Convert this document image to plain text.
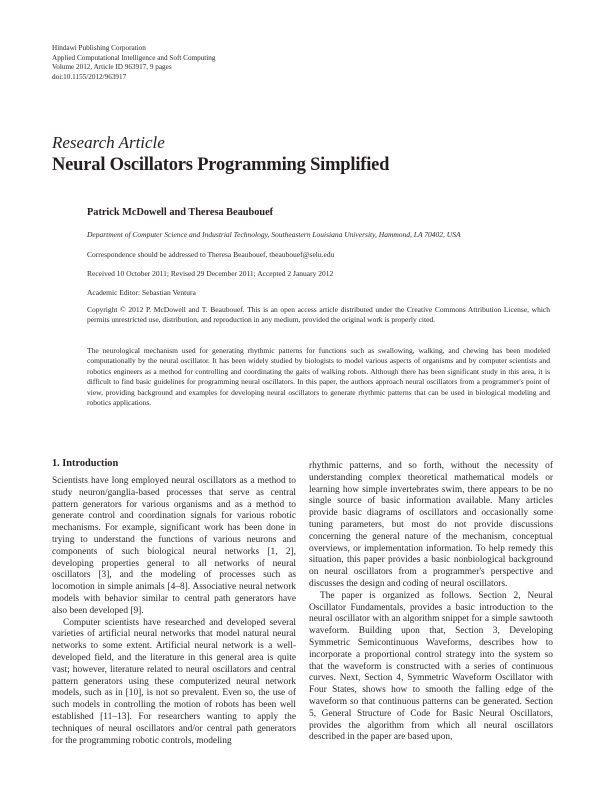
Hindawi Publishing Corporation
Applied Computational Intelligence and Soft Computing
Volume 2012, Article ID 963917, 9 pages
doi:10.1155/2012/963917
Research Article
Neural Oscillators Programming Simplified
Patrick McDowell and Theresa Beaubouef
Department of Computer Science and Industrial Technology, Southeastern Louisiana University, Hammond, LA 70402, USA
Correspondence should be addressed to Theresa Beaubouef, tbeaubouef@selu.edu
Received 10 October 2011; Revised 29 December 2011; Accepted 2 January 2012
Academic Editor: Sebastian Ventura
Copyright © 2012 P. McDowell and T. Beaubouef. This is an open access article distributed under the Creative Commons Attribution License, which permits unrestricted use, distribution, and reproduction in any medium, provided the original work is properly cited.
The neurological mechanism used for generating rhythmic patterns for functions such as swallowing, walking, and chewing has been modeled computationally by the neural oscillator. It has been widely studied by biologists to model various aspects of organisms and by computer scientists and robotics engineers as a method for controlling and coordinating the gaits of walking robots. Although there has been significant study in this area, it is difficult to find basic guidelines for programming neural oscillators. In this paper, the authors approach neural oscillators from a programmer's point of view, providing background and examples for developing neural oscillators to generate rhythmic patterns that can be used in biological modeling and robotics applications.
1. Introduction

Scientists have long employed neural oscillators as a method to study neuron/ganglia-based processes that serve as central pattern generators for various organisms and as a method to generate control and coordination signals for various robotic mechanisms. For example, significant work has been done in trying to understand the functions of various neurons and components of such biological neural networks [1, 2], developing properties general to all networks of neural oscillators [3], and the modeling of processes such as locomotion in simple animals [4–8]. Associative neural network models with behavior similar to central path generators have also been developed [9].

Computer scientists have researched and developed several varieties of artificial neural networks that model natural neural networks to some extent. Artificial neural network is a well-developed field, and the literature in this general area is quite vast; however, literature related to neural oscillators and central pattern generators using these computerized neural network models, such as in [10], is not so prevalent. Even so, the use of such models in controlling the motion of robots has been well established [11–13]. For researchers wanting to apply the techniques of neural oscillators and/or central path generators for the programming robotic controls, modeling

rhythmic patterns, and so forth, without the necessity of understanding complex theoretical mathematical models or learning how simple invertebrates swim, there appears to be no single source of basic information available. Many articles provide basic diagrams of oscillators and occasionally some tuning parameters, but most do not provide discussions concerning the general nature of the mechanism, conceptual overviews, or implementation information. To help remedy this situation, this paper provides a basic nonbiological background on neural oscillators from a programmer's perspective and discusses the design and coding of neural oscillators.

The paper is organized as follows. Section 2, Neural Oscillator Fundamentals, provides a basic introduction to the neural oscillator with an algorithm snippet for a simple sawtooth waveform. Building upon that, Section 3, Developing Symmetric Semicontinuous Waveforms, describes how to incorporate a proportional control strategy into the system so that the waveform is constructed with a series of continuous curves. Next, Section 4, Symmetric Waveform Oscillator with Four States, shows how to smooth the falling edge of the waveform so that continuous patterns can be generated. Section 5, General Structure of Code for Basic Neural Oscillators, provides the algorithm from which all neural oscillators described in the paper are based upon,
